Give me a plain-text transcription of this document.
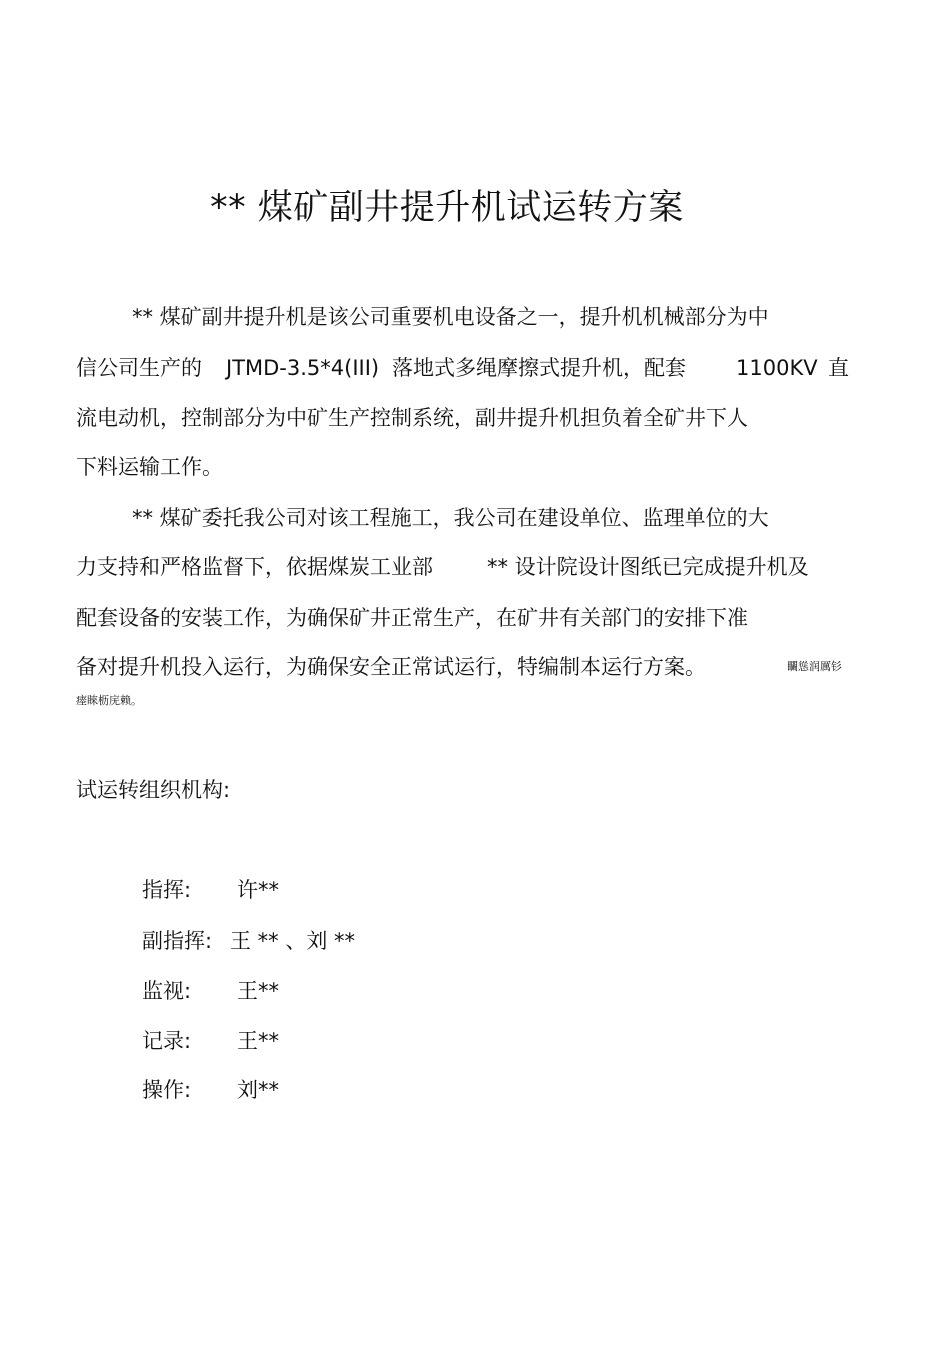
** 煤矿副井提升机试运转方案
** 煤矿副井提升机是该公司重要机电设备之一，提升机机械部分为中
信公司生产的 JTMD-3.5*4(III) 落地式多绳摩擦式提升机，配套 1100KV 直
流电动机，控制部分为中矿生产控制系统，副井提升机担负着全矿井下人
下料运输工作。
** 煤矿委托我公司对该工程施工，我公司在建设单位、监理单位的大
力支持和严格监督下，依据煤炭工业部	** 设计院设计图纸已完成提升机及
配套设备的安装工作，为确保矿井正常生产，在矿井有关部门的安排下准
备对提升机投入运行，为确保安全正常试运行，特编制本运行方案。	矙慫润厲钐
瘗睞枥庑赖。
试运转组织机构:
指挥: 许**
副指挥: 王 ** 、刘 **
监视: 王**
记录: 王**
操作: 刘**
